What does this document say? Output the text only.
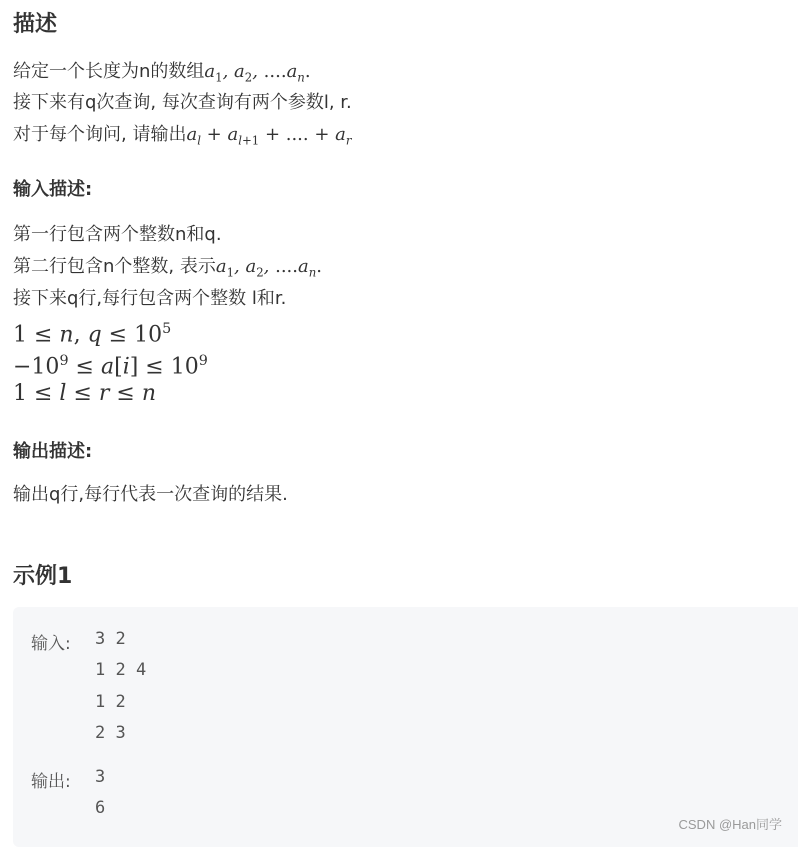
描述
给定一个长度为n的数组$a_1$, $a_2$, $....a_n$.
接下来有q次查询, 每次查询有两个参数l, r.
对于每个询问, 请输出$a_l + a_{l+1}$ + .... + $a_r$
输入描述:
第一行包含两个整数n和q.
第二行包含n个整数, 表示$a_1$, $a_2$, $....a_n$.
接下来q行,每行包含两个整数 l和r.
1 ≤ n, $q \le 10^5$
$-10^9 \le a[i] \le 10^9$
1 ≤ l ≤ r ≤ n
输出描述:
输出q行,每行代表一次查询的结果.
示例1
输入: 3 2
1 2 4
1 2
2 3
输出: 3
6
CSDN @Han同学
